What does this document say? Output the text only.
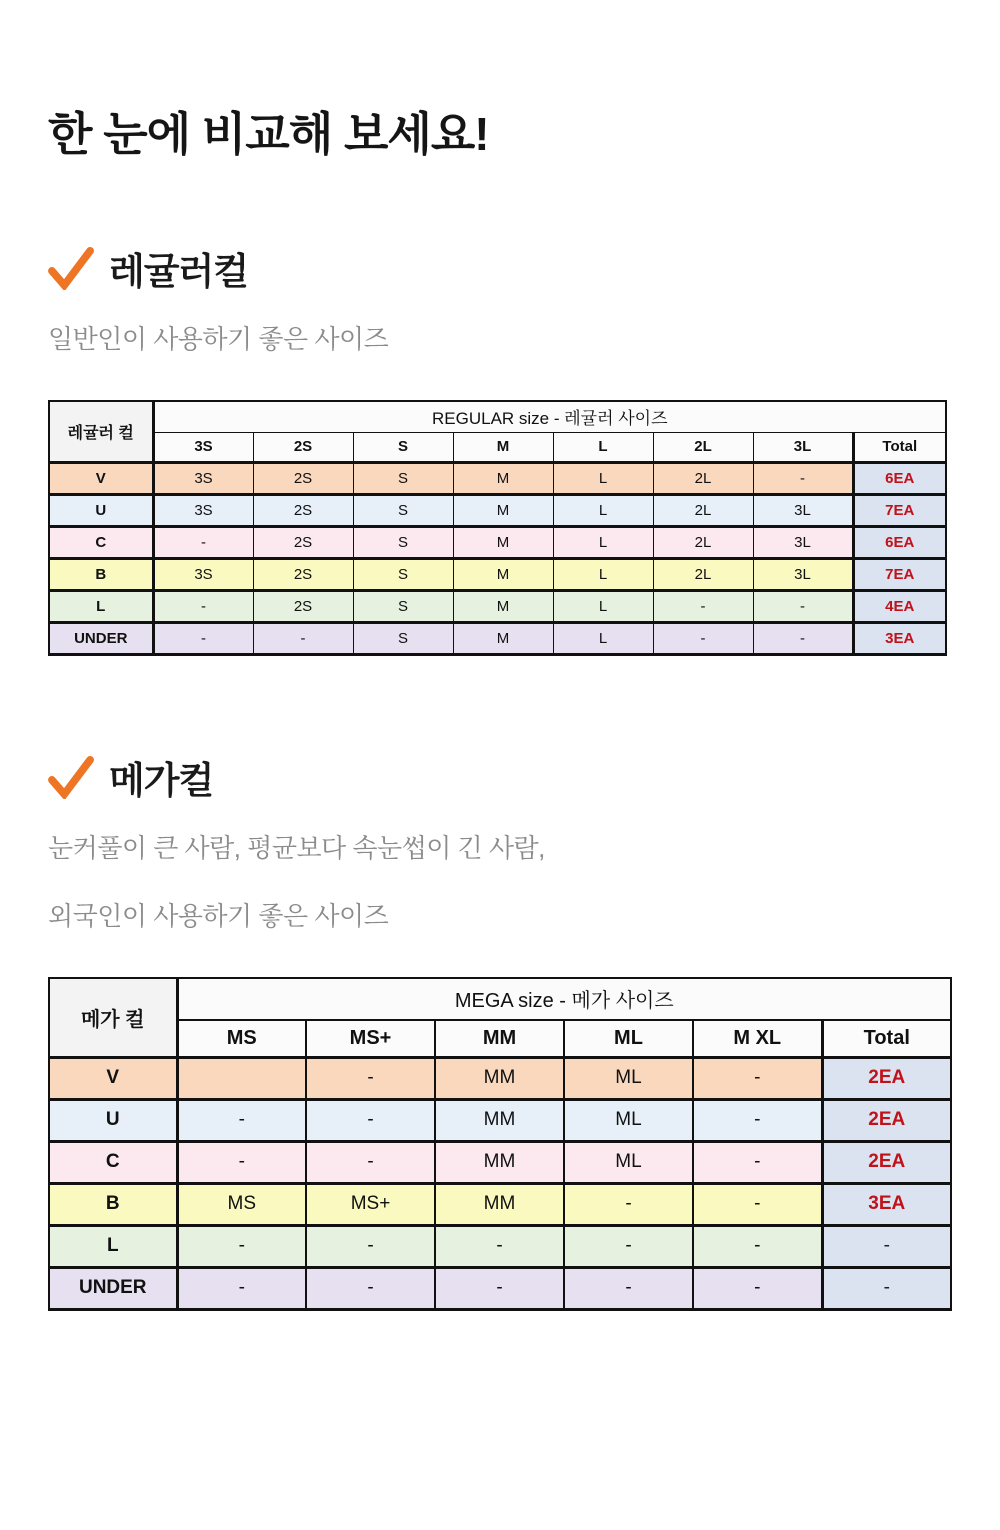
한 눈에 비교해 보세요!
레귤러컬

일반인이 사용하기 좋은 사이즈

레귤러 컬	REGULAR size - 레귤러 사이즈							
	3S	2S	S	M	L	2L	3L	Total
V	3S	2S	S	M	L	2L	-	6EA
U	3S	2S	S	M	L	2L	3L	7EA
C	-	2S	S	M	L	2L	3L	6EA
B	3S	2S	S	M	L	2L	3L	7EA
L	-	2S	S	M	L	-	-	4EA
UNDER	-	-	S	M	L	-	-	3EA
메가컬

눈커풀이 큰 사람, 평균보다 속눈썹이 긴 사람,

외국인이 사용하기 좋은 사이즈

메가 컬	MEGA size - 메가 사이즈					
	MS	MS+	MM	ML	M XL	Total
V		-	MM	ML	-	2EA
U	-	-	MM	ML	-	2EA
C	-	-	MM	ML	-	2EA
B	MS	MS+	MM	-	-	3EA
L	-	-	-	-	-	-
UNDER	-	-	-	-	-	-
